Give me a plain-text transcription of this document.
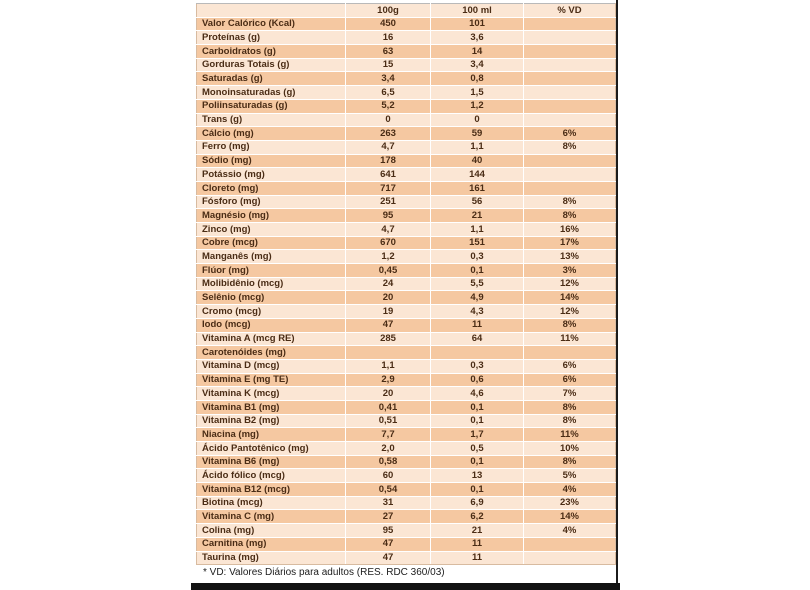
	100g	100 ml	% VD
Valor Calórico (Kcal)	450	101	
Proteínas (g)	16	3,6	
Carboidratos (g)	63	14	
Gorduras Totais (g)	15	3,4	
Saturadas (g)	3,4	0,8	
Monoinsaturadas (g)	6,5	1,5	
Poliinsaturadas (g)	5,2	1,2	
Trans (g)	0	0	
Cálcio (mg)	263	59	6%
Ferro (mg)	4,7	1,1	8%
Sódio (mg)	178	40	
Potássio (mg)	641	144	
Cloreto (mg)	717	161	
Fósforo (mg)	251	56	8%
Magnésio (mg)	95	21	8%
Zinco (mg)	4,7	1,1	16%
Cobre (mcg)	670	151	17%
Manganês (mg)	1,2	0,3	13%
Flúor (mg)	0,45	0,1	3%
Molibidênio (mcg)	24	5,5	12%
Selênio (mcg)	20	4,9	14%
Cromo (mcg)	19	4,3	12%
Iodo (mcg)	47	11	8%
Vitamina A (mcg RE)	285	64	11%
Carotenóides (mg)			
Vitamina D (mcg)	1,1	0,3	6%
Vitamina E (mg TE)	2,9	0,6	6%
Vitamina K (mcg)	20	4,6	7%
Vitamina B1 (mg)	0,41	0,1	8%
Vitamina B2 (mg)	0,51	0,1	8%
Niacina (mg)	7,7	1,7	11%
Ácido Pantotênico (mg)	2,0	0,5	10%
Vitamina B6 (mg)	0,58	0,1	8%
Ácido fólico (mcg)	60	13	5%
Vitamina B12 (mcg)	0,54	0,1	4%
Biotina (mcg)	31	6,9	23%
Vitamina C (mg)	27	6,2	14%
Colina (mg)	95	21	4%
Carnitina (mg)	47	11	
Taurina (mg)	47	11	
* VD: Valores Diários para adultos (RES. RDC 360/03)
